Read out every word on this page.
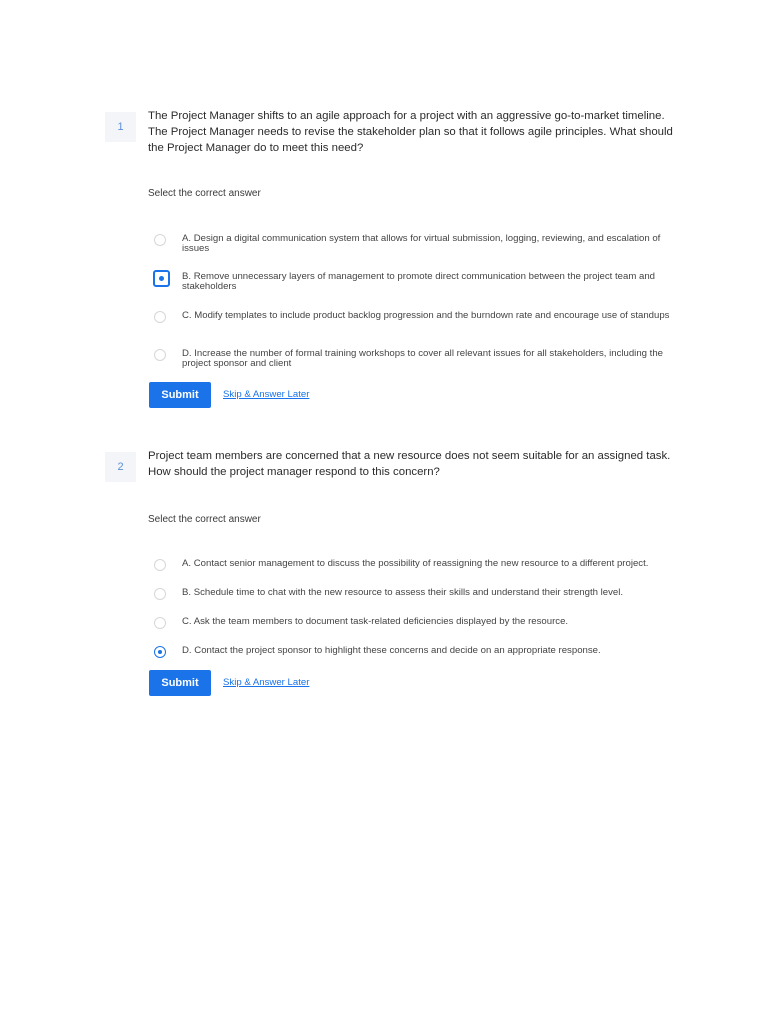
1
The Project Manager shifts to an agile approach for a project with an aggressive go-to-market timeline. The Project Manager needs to revise the stakeholder plan so that it follows agile principles. What should the Project Manager do to meet this need?
Select the correct answer
A. Design a digital communication system that allows for virtual submission, logging, reviewing, and escalation of issues
B. Remove unnecessary layers of management to promote direct communication between the project team and stakeholders
C. Modify templates to include product backlog progression and the burndown rate and encourage use of standups
D. Increase the number of formal training workshops to cover all relevant issues for all stakeholders, including the project sponsor and client
Submit	Skip & Answer Later
2
Project team members are concerned that a new resource does not seem suitable for an assigned task. How should the project manager respond to this concern?
Select the correct answer
A. Contact senior management to discuss the possibility of reassigning the new resource to a different project.
B. Schedule time to chat with the new resource to assess their skills and understand their strength level.
C. Ask the team members to document task-related deficiencies displayed by the resource.
D. Contact the project sponsor to highlight these concerns and decide on an appropriate response.
Submit	Skip & Answer Later
